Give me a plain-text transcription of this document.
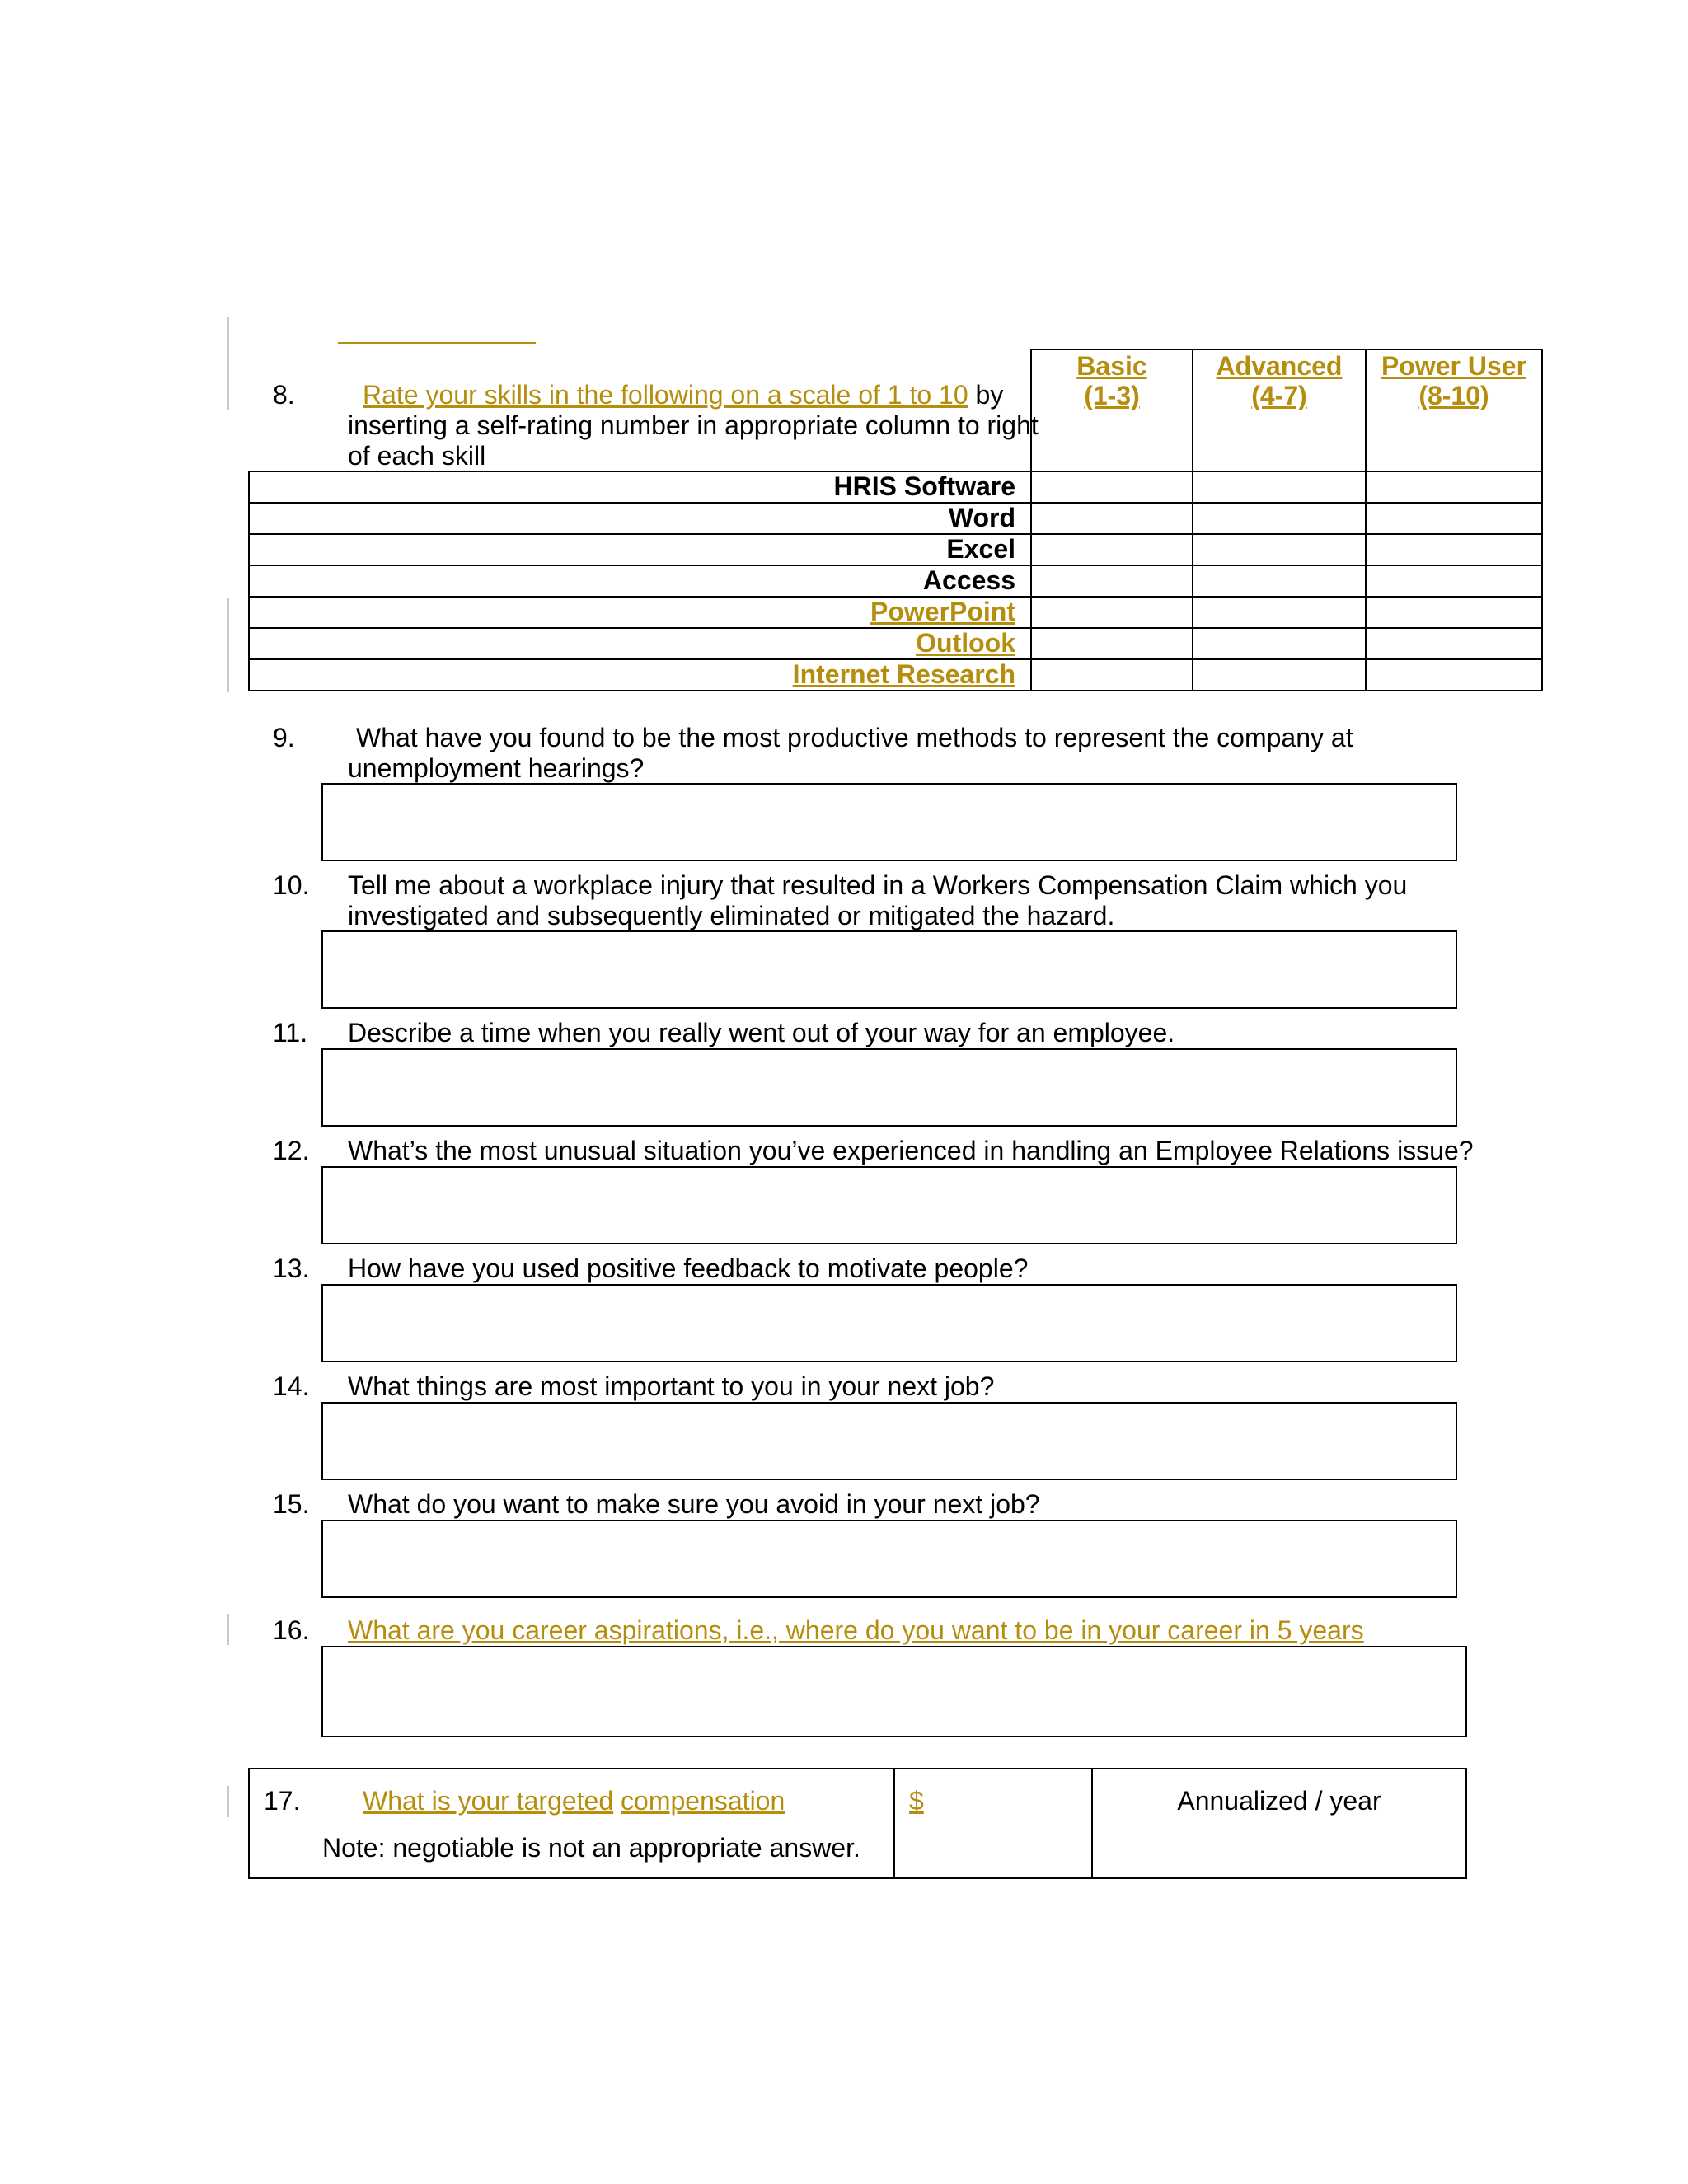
Basic
(1-3)
Advanced
(4-7)
Power User
(8-10)
8.	Rate your skills in the following on a scale of 1 to 10 by
inserting a self-rating number in appropriate column to right
of each skill
HRIS Software
Word
Excel
Access
PowerPoint
Outlook
Internet Research
9. What have you found to be the most productive methods to represent the company at
unemployment hearings?
10. Tell me about a workplace injury that resulted in a Workers Compensation Claim which you
investigated and subsequently eliminated or mitigated the hazard.
11. Describe a time when you really went out of your way for an employee.
12. What’s the most unusual situation you’ve experienced in handling an Employee Relations issue?
13. How have you used positive feedback to motivate people?
14. What things are most important to you in your next job?
15. What do you want to make sure you avoid in your next job?
16. What are you career aspirations, i.e., where do you want to be in your career in 5 years
17. What is your targeted compensation
Note: negotiable is not an appropriate answer.
$	Annualized / year
